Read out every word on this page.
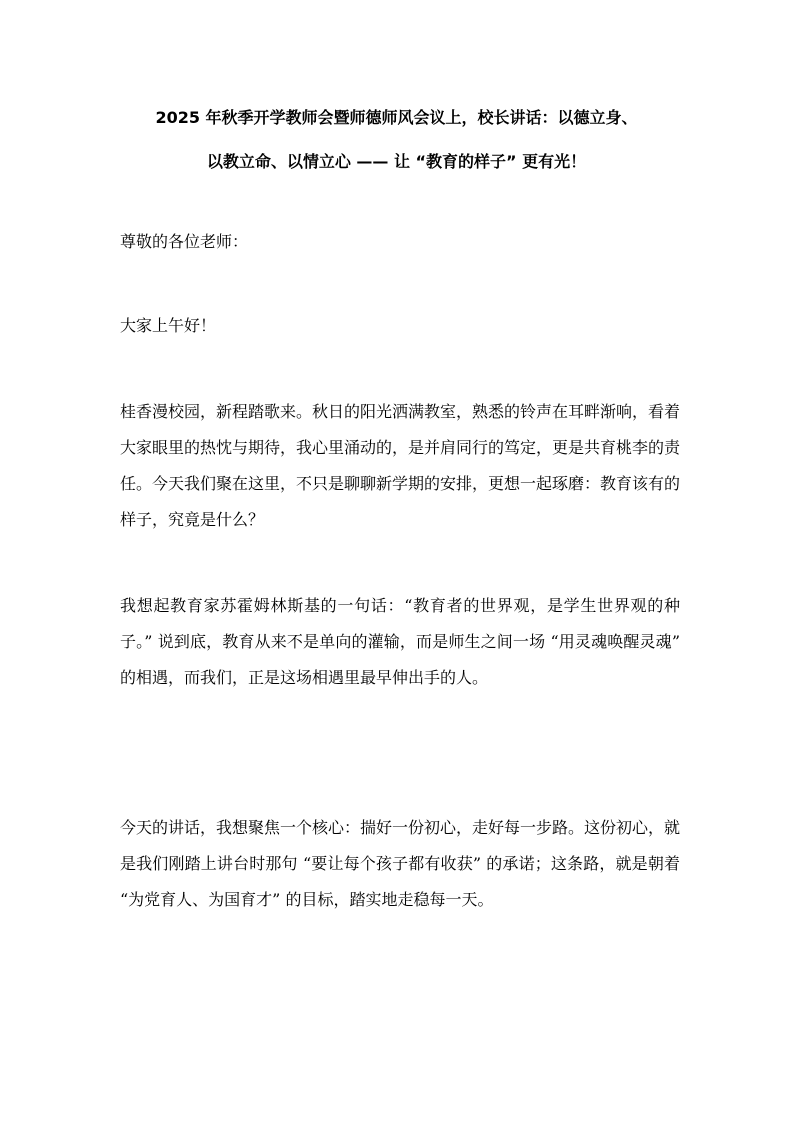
2025 年秋季开学教师会暨师德师风会议上，校长讲话：以德立身、
以教立命、以情立心 —— 让 “教育的样子” 更有光！

尊敬的各位老师：

大家上午好！

桂香漫校园，新程踏歌来。秋日的阳光洒满教室，熟悉的铃声在耳畔渐响，看着大家眼里的热忱与期待，我心里涌动的，是并肩同行的笃定，更是共育桃李的责任。今天我们聚在这里，不只是聊聊新学期的安排，更想一起琢磨：教育该有的样子，究竟是什么？

我想起教育家苏霍姆林斯基的一句话：“教育者的世界观，是学生世界观的种子。” 说到底，教育从来不是单向的灌输，而是师生之间一场 “用灵魂唤醒灵魂” 的相遇，而我们，正是这场相遇里最早伸出手的人。

今天的讲话，我想聚焦一个核心：揣好一份初心，走好每一步路。这份初心，就是我们刚踏上讲台时那句 “要让每个孩子都有收获” 的承诺；这条路，就是朝着 “为党育人、为国育才” 的目标，踏实地走稳每一天。
